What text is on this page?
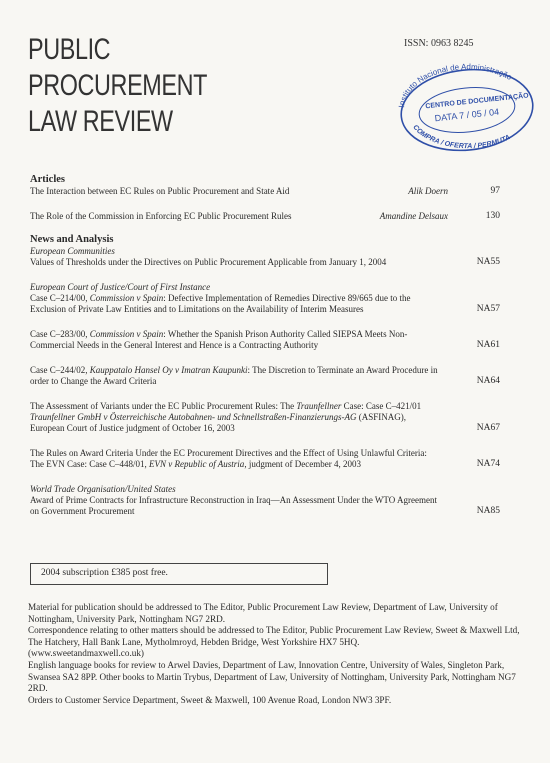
PUBLIC
PROCUREMENT
LAW REVIEW
ISSN: 0963 8245
Instituto Nacional de Administração
CENTRO DE DOCUMENTAÇÃO
DATA 7 / 05 / 04
COMPRA / OFERTA / PERMUTA
Articles
The Interaction between EC Rules on Public Procurement and State Aid	Alik Doern	97
The Role of the Commission in Enforcing EC Public Procurement Rules	Amandine Delsaux	130
News and Analysis
European Communities
Values of Thresholds under the Directives on Public Procurement Applicable from January 1, 2004	NA55
European Court of Justice/Court of First Instance
Case C–214/00, Commission v Spain: Defective Implementation of Remedies Directive 89/665 due to the Exclusion of Private Law Entities and to Limitations on the Availability of Interim Measures	NA57
Case C–283/00, Commission v Spain: Whether the Spanish Prison Authority Called SIEPSA Meets Non-Commercial Needs in the General Interest and Hence is a Contracting Authority	NA61
Case C–244/02, Kauppatalo Hansel Oy v Imatran Kaupunki: The Discretion to Terminate an Award Procedure in order to Change the Award Criteria	NA64
The Assessment of Variants under the EC Public Procurement Rules: The Traunfellner Case: Case C–421/01 Traunfellner GmbH v Österreichische Autobahnen- und Schnellstraßen-Finanzierungs-AG (ASFINAG), European Court of Justice judgment of October 16, 2003	NA67
The Rules on Award Criteria Under the EC Procurement Directives and the Effect of Using Unlawful Criteria: The EVN Case: Case C–448/01, EVN v Republic of Austria, judgment of December 4, 2003	NA74
World Trade Organisation/United States
Award of Prime Contracts for Infrastructure Reconstruction in Iraq—An Assessment Under the WTO Agreement on Government Procurement	NA85
2004 subscription £385 post free.

Material for publication should be addressed to The Editor, Public Procurement Law Review, Department of Law, University of Nottingham, University Park, Nottingham NG7 2RD.

Correspondence relating to other matters should be addressed to The Editor, Public Procurement Law Review, Sweet & Maxwell Ltd, The Hatchery, Hall Bank Lane, Mytholmroyd, Hebden Bridge, West Yorkshire HX7 5HQ.

(www.sweetandmaxwell.co.uk)

English language books for review to Arwel Davies, Department of Law, Innovation Centre, University of Wales, Singleton Park, Swansea SA2 8PP. Other books to Martin Trybus, Department of Law, University of Nottingham, University Park, Nottingham NG7 2RD.

Orders to Customer Service Department, Sweet & Maxwell, 100 Avenue Road, London NW3 3PF.
